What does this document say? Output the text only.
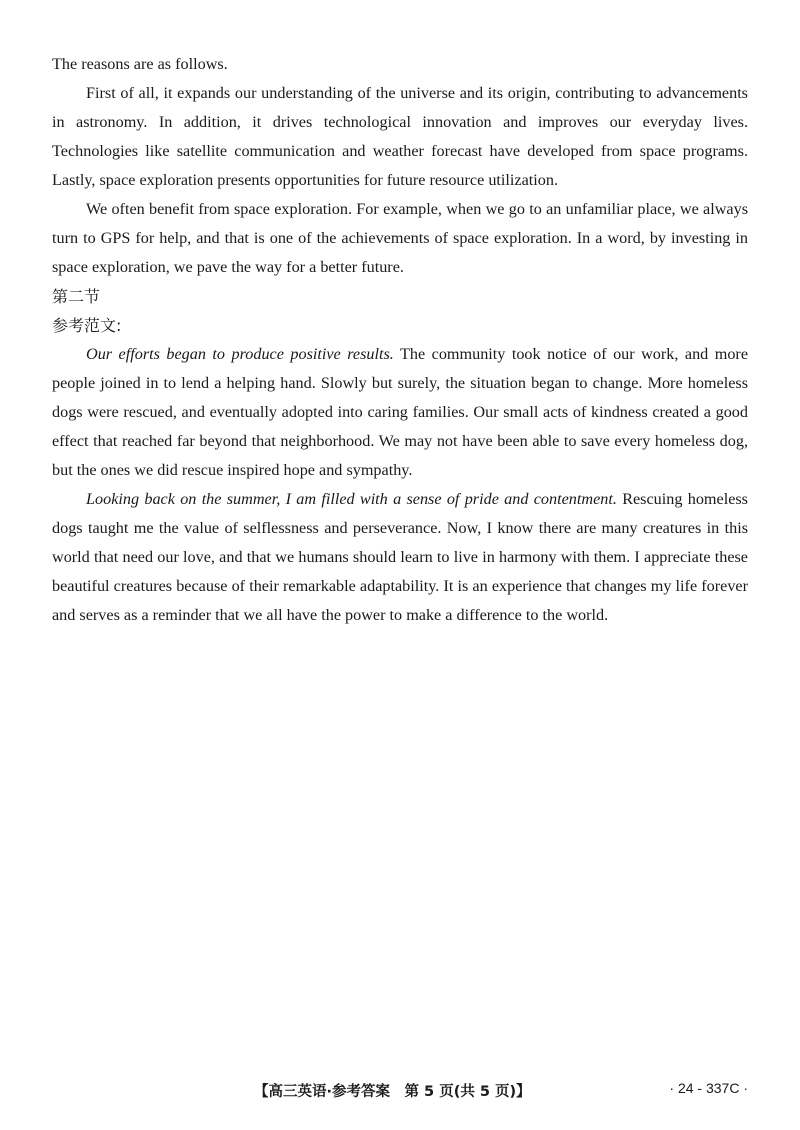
The reasons are as follows.

First of all, it expands our understanding of the universe and its origin, contributing to advancements in astronomy. In addition, it drives technological innovation and improves our everyday lives. Technologies like satellite communication and weather forecast have developed from space programs. Lastly, space exploration presents opportunities for future resource utilization.

We often benefit from space exploration. For example, when we go to an unfamiliar place, we always turn to GPS for help, and that is one of the achievements of space exploration. In a word, by investing in space exploration, we pave the way for a better future.

第二节
参考范文:

Our efforts began to produce positive results. The community took notice of our work, and more people joined in to lend a helping hand. Slowly but surely, the situation began to change. More homeless dogs were rescued, and eventually adopted into caring families. Our small acts of kindness created a good effect that reached far beyond that neighborhood. We may not have been able to save every homeless dog, but the ones we did rescue inspired hope and sympathy.

Looking back on the summer, I am filled with a sense of pride and contentment. Rescuing homeless dogs taught me the value of selflessness and perseverance. Now, I know there are many creatures in this world that need our love, and that we humans should learn to live in harmony with them. I appreciate these beautiful creatures because of their remarkable adaptability. It is an experience that changes my life forever and serves as a reminder that we all have the power to make a difference to the world.

【高三英语·参考答案　第 5 页(共 5 页)】	· 24 - 337C ·
